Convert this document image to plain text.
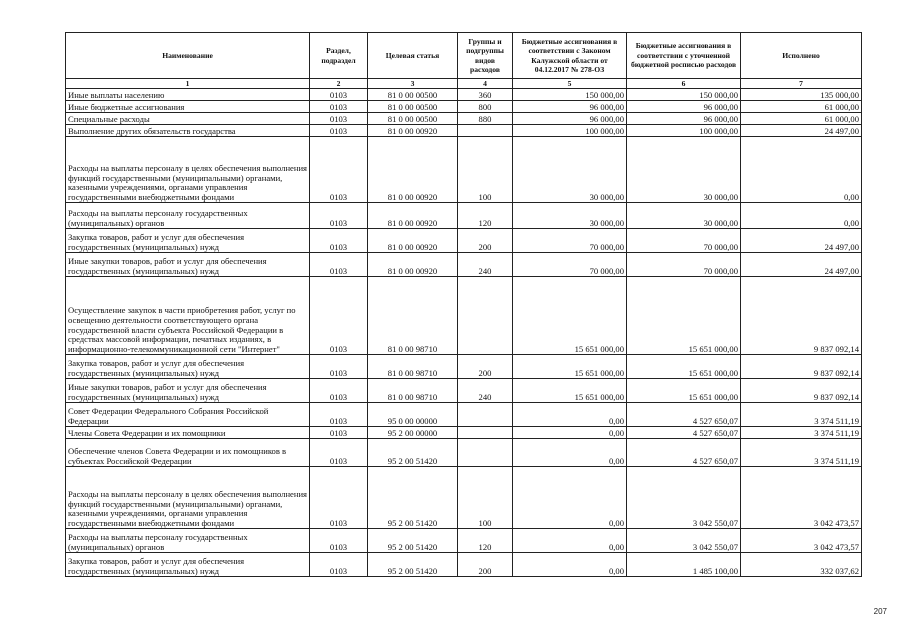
Наименование	Раздел, подраздел	Целевая статья	Группы и подгруппы видов расходов	Бюджетные ассигнования в соответствии с Законом Калужской области от 04.12.2017 № 278-ОЗ	Бюджетные ассигнования в соответствии с уточненной бюджетной росписью расходов	Исполнено
1	2	3	4	5	6	7
Иные выплаты населению	0103	81 0 00 00500	360	150 000,00	150 000,00	135 000,00
Иные бюджетные ассигнования	0103	81 0 00 00500	800	96 000,00	96 000,00	61 000,00
Специальные расходы	0103	81 0 00 00500	880	96 000,00	96 000,00	61 000,00
Выполнение других обязательств государства	0103	81 0 00 00920		100 000,00	100 000,00	24 497,00
Расходы на выплаты персоналу в целях обеспечения выполнения функций государственными (муниципальными) органами, казенными учреждениями, органами управления государственными внебюджетными фондами	0103	81 0 00 00920	100	30 000,00	30 000,00	0,00
Расходы на выплаты персоналу государственных (муниципальных) органов	0103	81 0 00 00920	120	30 000,00	30 000,00	0,00
Закупка товаров, работ и услуг для обеспечения государственных (муниципальных) нужд	0103	81 0 00 00920	200	70 000,00	70 000,00	24 497,00
Иные закупки товаров, работ и услуг для обеспечения государственных (муниципальных) нужд	0103	81 0 00 00920	240	70 000,00	70 000,00	24 497,00
Осуществление закупок в части приобретения работ, услуг по освещению деятельности соответствующего органа государственной власти субъекта Российской Федерации в средствах массовой информации, печатных изданиях, в информационно-телекоммуникационной сети "Интернет"	0103	81 0 00 98710		15 651 000,00	15 651 000,00	9 837 092,14
Закупка товаров, работ и услуг для обеспечения государственных (муниципальных) нужд	0103	81 0 00 98710	200	15 651 000,00	15 651 000,00	9 837 092,14
Иные закупки товаров, работ и услуг для обеспечения государственных (муниципальных) нужд	0103	81 0 00 98710	240	15 651 000,00	15 651 000,00	9 837 092,14
Совет Федерации Федерального Собрания Российской Федерации	0103	95 0 00 00000		0,00	4 527 650,07	3 374 511,19
Члены Совета Федерации и их помощники	0103	95 2 00 00000		0,00	4 527 650,07	3 374 511,19
Обеспечение членов Совета Федерации и их помощников в субъектах Российской Федерации	0103	95 2 00 51420		0,00	4 527 650,07	3 374 511,19
Расходы на выплаты персоналу в целях обеспечения выполнения функций государственными (муниципальными) органами, казенными учреждениями, органами управления государственными внебюджетными фондами	0103	95 2 00 51420	100	0,00	3 042 550,07	3 042 473,57
Расходы на выплаты персоналу государственных (муниципальных) органов	0103	95 2 00 51420	120	0,00	3 042 550,07	3 042 473,57
Закупка товаров, работ и услуг для обеспечения государственных (муниципальных) нужд	0103	95 2 00 51420	200	0,00	1 485 100,00	332 037,62
207
